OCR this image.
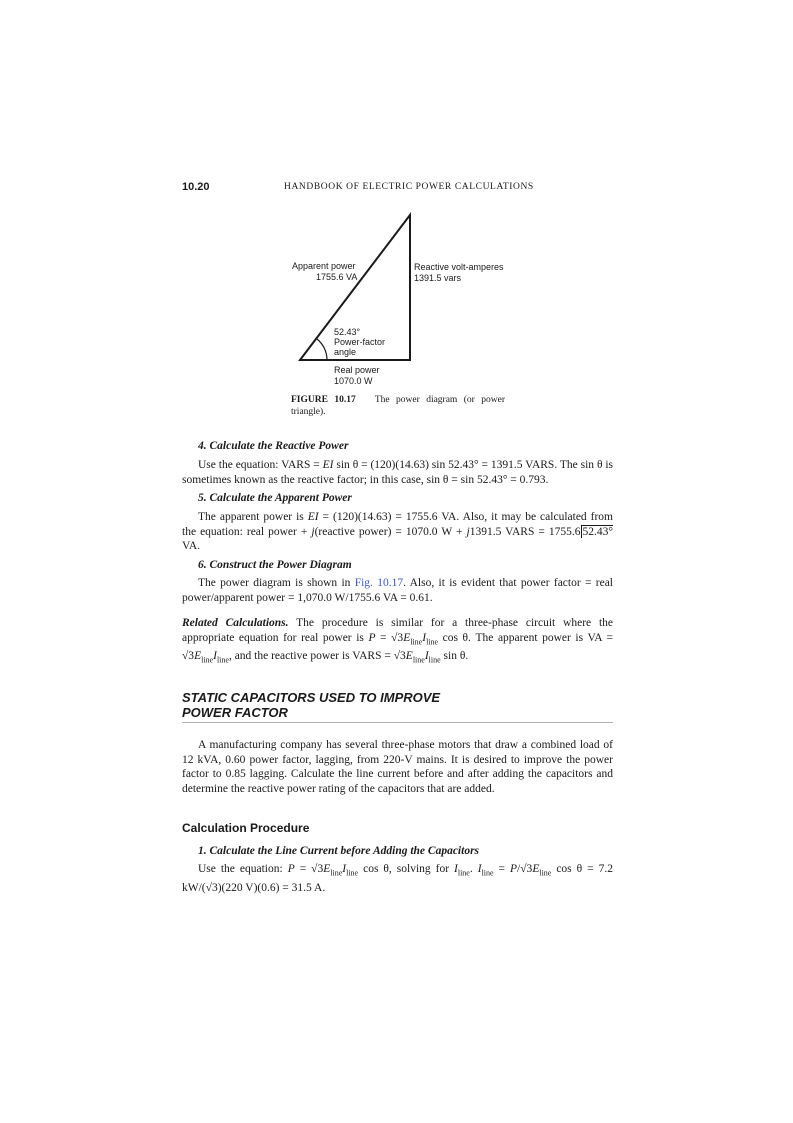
10.20	HANDBOOK OF ELECTRIC POWER CALCULATIONS
Apparent power
1755.6 VA
Reactive volt-amperes
1391.5 vars
52.43°
Power-factor
angle
Real power
1070.0 W
FIGURE 10.17 The power diagram (or power triangle).
4. Calculate the Reactive Power
Use the equation: VARS = EI sin θ = (120)(14.63) sin 52.43° = 1391.5 VARS. The sin θ is sometimes known as the reactive factor; in this case, sin θ = sin 52.43° = 0.793.
5. Calculate the Apparent Power
The apparent power is EI = (120)(14.63) = 1755.6 VA. Also, it may be calculated from the equation: real power + j(reactive power) = 1070.0 W + j1391.5 VARS = 1755.6 52.43° VA.
6. Construct the Power Diagram
The power diagram is shown in Fig. 10.17. Also, it is evident that power factor = real power/apparent power = 1,070.0 W/1755.6 VA = 0.61.
Related Calculations. The procedure is similar for a three-phase circuit where the appropriate equation for real power is $P = √3E_{line}I_{line}$ cos θ. The apparent power is VA = $√3E_{line}I_{line}$, and the reactive power is VARS = $√3E_{line}I_{line}$ sin θ.
STATIC CAPACITORS USED TO IMPROVE
POWER FACTOR
A manufacturing company has several three-phase motors that draw a combined load of 12 kVA, 0.60 power factor, lagging, from 220-V mains. It is desired to improve the power factor to 0.85 lagging. Calculate the line current before and after adding the capacitors and determine the reactive power rating of the capacitors that are added.
Calculation Procedure
1. Calculate the Line Current before Adding the Capacitors
Use the equation: $P = √3E_{line}I_{line}$ cos θ, solving for $I_{line}$. $I_{line} = P/√3E_{line}$ cos θ = 7.2 kW/(√3)(220 V)(0.6) = 31.5 A.
